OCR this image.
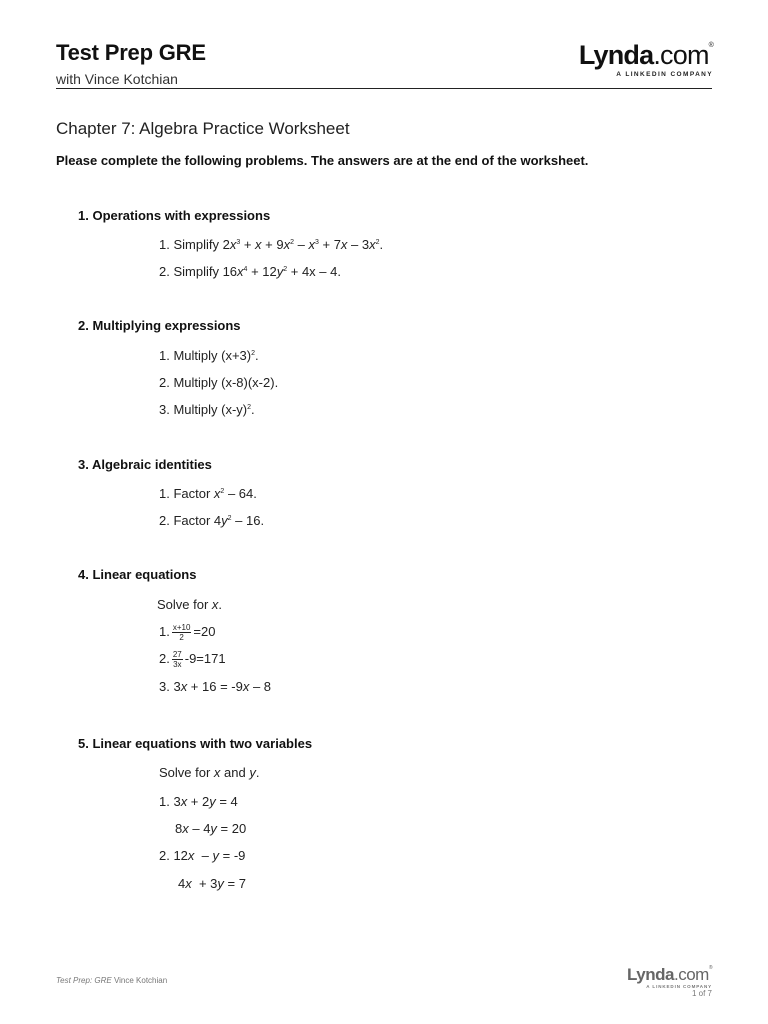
Test Prep GRE
with Vince Kotchian
Lynda.com®
A LINKEDIN COMPANY
Chapter 7: Algebra Practice Worksheet
Please complete the following problems. The answers are at the end of the worksheet.
1. Operations with expressions
1. Simplify $2x^3 + x + 9x^2 - x^3 + 7x - 3x^2$.
2. Simplify $16x^4 + 12y^2 + 4x - 4$.
2. Multiplying expressions
1. Multiply $(x+3)^2$.
2. Multiply (x-8)(x-2).
3. Multiply $(x-y)^2$.
3. Algebraic identities
1. Factor $x^2 - 64$.
2. Factor $4y^2 - 16$.
4. Linear equations
Solve for x.
1. $\frac{x+10}{2} =20$
2. $\frac{27}{3x} -9=171$
3. 3x + 16 = -9x – 8
5. Linear equations with two variables
Solve for x and y.
1. 3x + 2y = 4
8x – 4y = 20
2. 12x  – y = -9
4x  + 3y = 7
Test Prep: GRE Vince Kotchian	Lynda.com®
A LINKEDIN COMPANY
1 of 7
